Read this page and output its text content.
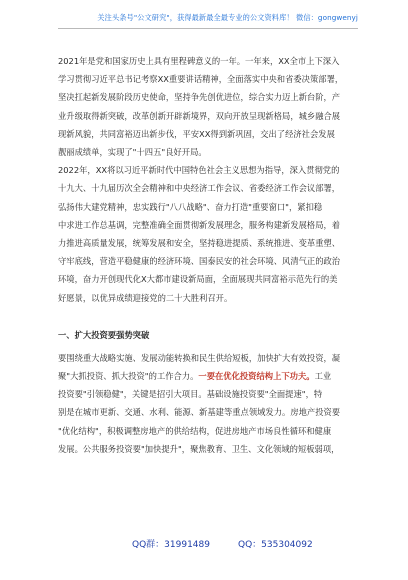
关注头条号"公文研究"，获得最新最全最专业的公文资料库！ 微信：gongwenyj
2021年是党和国家历史上具有里程碑意义的一年。一年来，XX全市上下深入
学习贯彻习近平总书记考察XX重要讲话精神，全面落实中央和省委决策部署，
坚决扛起新发展阶段历史使命，坚持争先创优进位，综合实力迈上新台阶，产
业升级取得新突破，改革创新开辟新境界，双向开放呈现新格局，城乡融合展
现新风貌，共同富裕迈出新步伐，平安XX得到新巩固，交出了经济社会发展
靓丽成绩单，实现了"十四五"良好开局。
2022年，XX将以习近平新时代中国特色社会主义思想为指导，深入贯彻党的
十九大、十九届历次全会精神和中央经济工作会议、省委经济工作会议部署，
弘扬伟大建党精神，忠实践行"八八战略"、奋力打造"重要窗口"，紧扣稳
中求进工作总基调，完整准确全面贯彻新发展理念，服务构建新发展格局，着
力推进高质量发展，统筹发展和安全，坚持稳进提质、系统推进、变革重塑、
守牢底线，营造平稳健康的经济环境、国泰民安的社会环境、风清气正的政治
环境，奋力开创现代化X大都市建设新局面，全面展现共同富裕示范先行的美
好愿景，以优异成绩迎接党的二十大胜利召开。
一、扩大投资要强势突破
要围绕重大战略实施、发展动能转换和民生供给短板，加快扩大有效投资，凝
聚"大抓投资、抓大投资"的工作合力。一要在优化投资结构上下功夫。工业
投资要"引领稳健"，关键是招引大项目。基础设施投资要"全面提速"，特
别是在城市更新、交通、水利、能源、新基建等重点领域发力。房地产投资要
"优化结构"，积极调整房地产的供给结构，促进房地产市场良性循环和健康
发展。公共服务投资要"加快提升"，聚焦教育、卫生、文化领域的短板弱项，
QQ群：31991489	QQ：535304092
